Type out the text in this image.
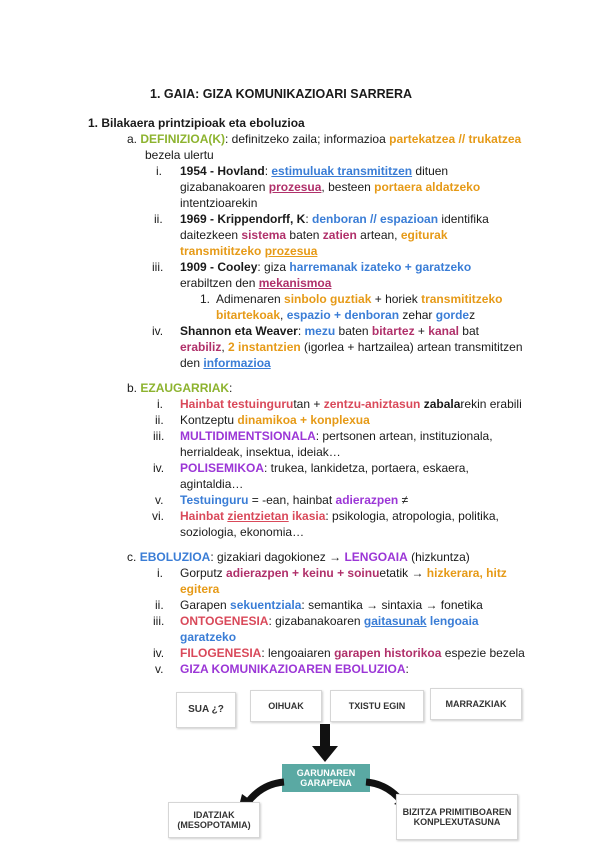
1. GAIA: GIZA KOMUNIKAZIOARI SARRERA
1. Bilakaera printzipioak eta eboluzioa
a. DEFINIZIOA(K): definitzeko zaila; informazioa partekatzea // trukatzea
bezela ulertu
i. 1954 - Hovland: estimuluak transmititzen dituen
gizabanakoaren prozesua, besteen portaera aldatzeko
intentzioarekin
ii. 1969 - Krippendorff, K: denboran // espazioan identifika
daitezkeen sistema baten zatien artean, egiturak
transmititzeko prozesua
iii. 1909 - Cooley: giza harremanak izateko + garatzeko
erabiltzen den mekanismoa
1. Adimenaren sinbolo guztiak + horiek transmititzeko
bitartekoak, espazio + denboran zehar gordez
iv. Shannon eta Weaver: mezu baten bitartez + kanal bat
erabiliz, 2 instantzien (igorlea + hartzailea) artean transmititzen
den informazioa
b. EZAUGARRIAK:
i. Hainbat testuingurutan + zentzu-aniztasun zabalarekin erabili
ii. Kontzeptu dinamikoa + konplexua
iii. MULTIDIMENTSIONALA: pertsonen artean, instituzionala,
herrialdeak, insektua, ideiak…
iv. POLISEMIKOA: trukea, lankidetza, portaera, eskaera,
agintaldia…
v. Testuinguru = -ean, hainbat adierazpen ≠
vi. Hainbat zientzietan ikasia: psikologia, atropologia, politika,
soziologia, ekonomia…
c. EBOLUZIOA: gizakiari dagokionez → LENGOAIA (hizkuntza)
i. Gorputz adierazpen + keinu + soinuetatik → hizkerara, hitz
egitera
ii. Garapen sekuentziala: semantika → sintaxia → fonetika
iii. ONTOGENESIA: gizabanakoaren gaitasunak lengoaia
garatzeko
iv. FILOGENESIA: lengoaiaren garapen historikoa espezie bezela
v. GIZA KOMUNIKAZIOAREN EBOLUZIOA:
SUA ¿?	OIHUAK	TXISTU EGIN	MARRAZKIAK
GARUNAREN GARAPENA
IDATZIAK (MESOPOTAMIA)
BIZITZA PRIMITIBOAREN KONPLEXUTASUNA
